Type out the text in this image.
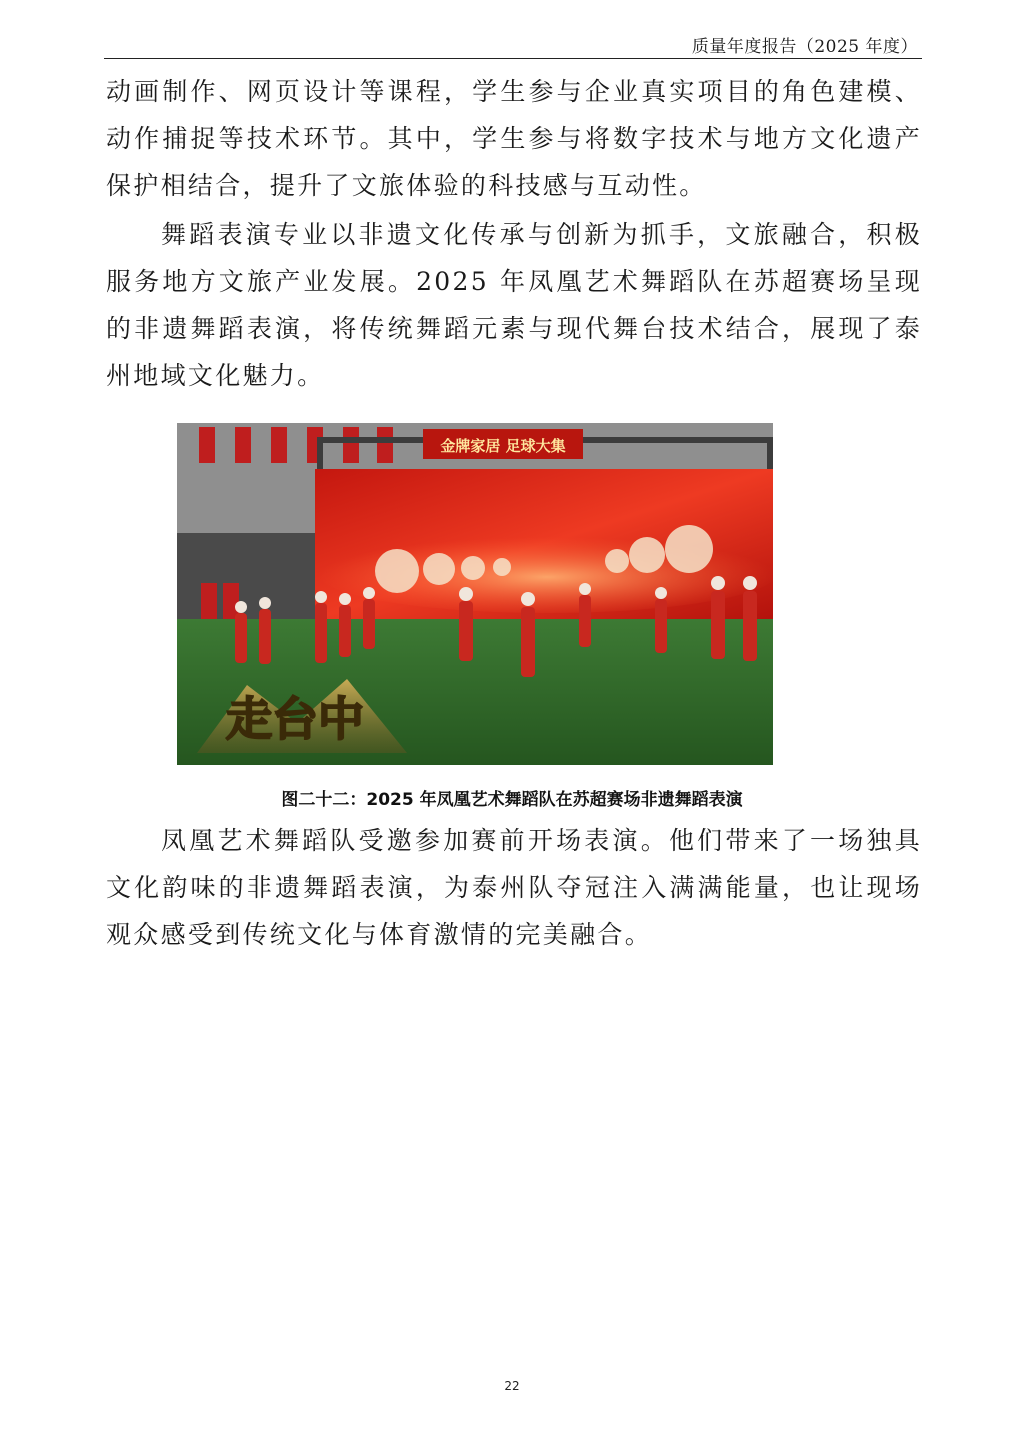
质量年度报告（2025 年度）

动画制作、网页设计等课程，学生参与企业真实项目的角色建模、动作捕捉等技术环节。其中，学生参与将数字技术与地方文化遗产保护相结合，提升了文旅体验的科技感与互动性。

舞蹈表演专业以非遗文化传承与创新为抓手，文旅融合，积极服务地方文旅产业发展。2025 年凤凰艺术舞蹈队在苏超赛场呈现的非遗舞蹈表演，将传统舞蹈元素与现代舞台技术结合，展现了泰州地域文化魅力。

金牌家居 足球大集
走台中
图二十二：2025 年凤凰艺术舞蹈队在苏超赛场非遗舞蹈表演

凤凰艺术舞蹈队受邀参加赛前开场表演。他们带来了一场独具文化韵味的非遗舞蹈表演，为泰州队夺冠注入满满能量，也让现场观众感受到传统文化与体育激情的完美融合。

22
